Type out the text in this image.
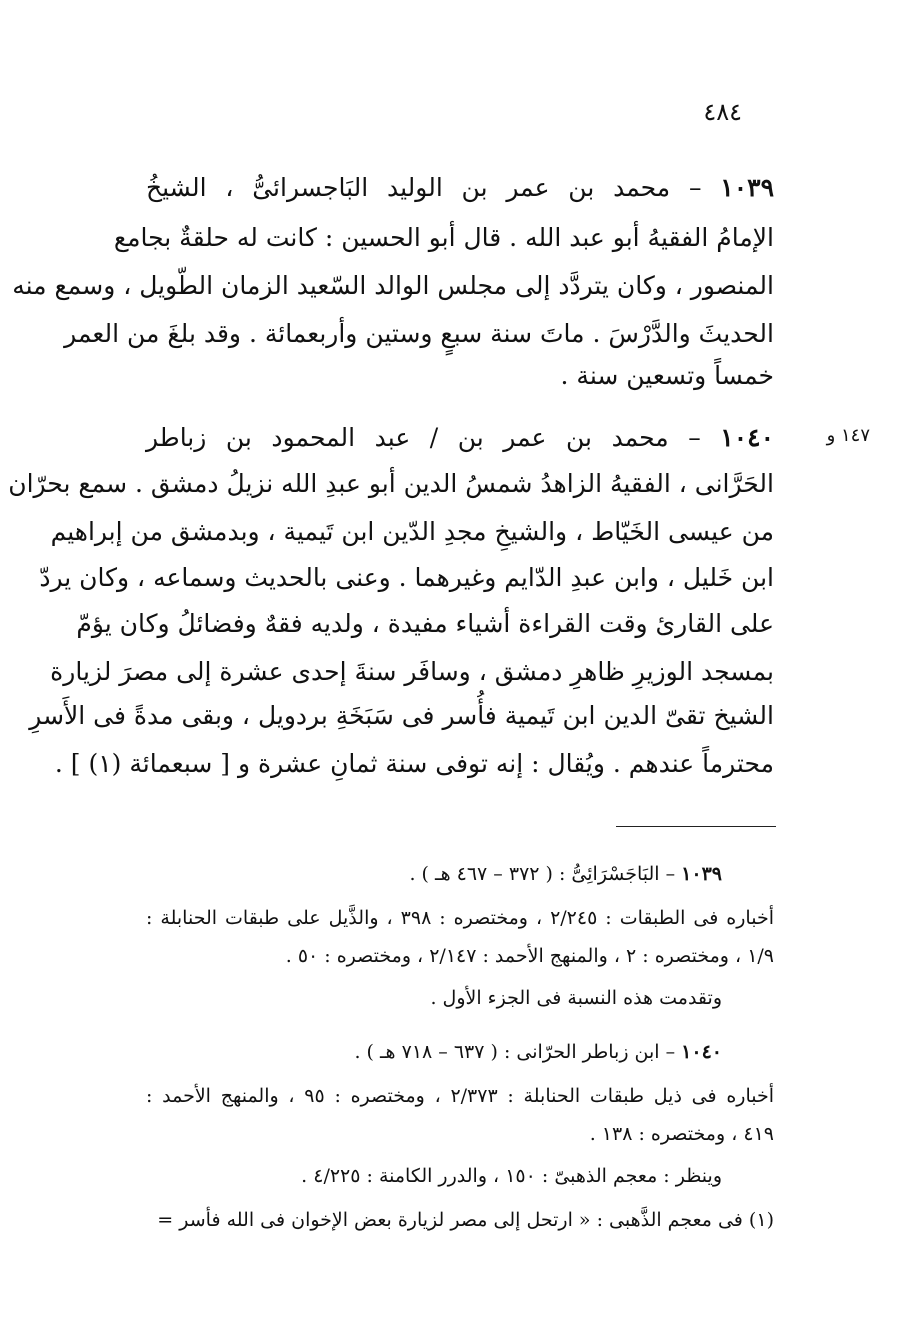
٤٨٤
١٤٧ و
١٠٣٩ – محمد بن عمر بن الوليد البَاجسرائىُّ ، الشيخُ
الإمامُ الفقيهُ أبو عبد الله . قال أبو الحسين : كانت له حلقةٌ بجامع
المنصور ، وكان يتردَّد إلى مجلس الوالد السّعيد الزمان الطّويل ، وسمع منه
الحديثَ والدَّرْسَ . ماتَ سنة سبعٍ وستين وأربعمائة . وقد بلغَ من العمر
خمساً وتسعين سنة .
١٠٤٠ – محمد بن عمر بن / عبد المحمود بن زباطر
الحَرَّانى ، الفقيهُ الزاهدُ شمسُ الدين أبو عبدِ الله نزيلُ دمشق . سمع بحرّان
من عيسى الخَيّاط ، والشيخِ مجدِ الدّين ابن تَيمية ، وبدمشق من إبراهيم
ابن خَليل ، وابن عبدِ الدّايم وغيرهما . وعنى بالحديث وسماعه ، وكان يردّ
على القارئ وقت القراءة أشياء مفيدة ، ولديه فقهٌ وفضائلُ وكان يؤمّ
بمسجد الوزيرِ ظاهرِ دمشق ، وسافَر سنةَ إحدى عشرة إلى مصرَ لزيارة
الشيخ تقىّ الدين ابن تَيمية فأُسر فى سَبَخَةِ بردويل ، وبقى مدةً فى الأَسرِ
محترماً عندهم . ويُقال : إنه توفى سنة ثمانِ عشرة و [ سبعمائة (١) ] .
١٠٣٩ – البَاجَسْرَائِىُّ : ( ٣٧٢ – ٤٦٧ هـ ) .
أخباره فى الطبقات : ٢/٢٤٥ ، ومختصره : ٣٩٨ ، والذَّيل على طبقات الحنابلة :
١/٩ ، ومختصره : ٢ ، والمنهج الأحمد : ٢/١٤٧ ، ومختصره : ٥٠ .
وتقدمت هذه النسبة فى الجزء الأول .
١٠٤٠ – ابن زباطر الحرّانى : ( ٦٣٧ – ٧١٨ هـ ) .
أخباره فى ذيل طبقات الحنابلة : ٢/٣٧٣ ، ومختصره : ٩٥ ، والمنهج الأحمد :
٤١٩ ، ومختصره : ١٣٨ .
وينظر : معجم الذهبىّ : ١٥٠ ، والدرر الكامنة : ٤/٢٢٥ .
(١) فى معجم الذَّهبى : « ارتحل إلى مصر لزيارة بعض الإخوان فى الله فأسر =
